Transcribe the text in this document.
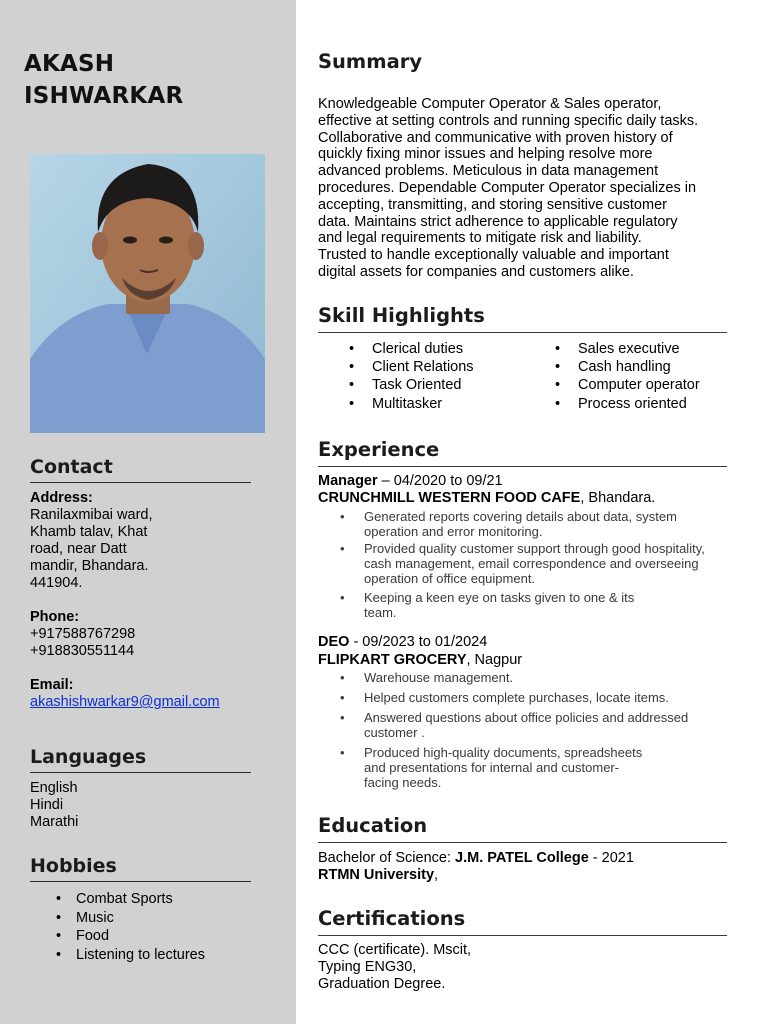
AKASH
ISHWARKAR
Contact
Address:
Ranilaxmibai ward,
Khamb talav, Khat
road, near Datt
mandir, Bhandara.
441904.
Phone:
+917588767298
+918830551144
Email:
akashishwarkar9@gmail.com
Languages
English
Hindi
Marathi
Hobbies
• Combat Sports
• Music
• Food
• Listening to lectures
Summary
Knowledgeable Computer Operator & Sales operator,
effective at setting controls and running specific daily tasks.
Collaborative and communicative with proven history of
quickly fixing minor issues and helping resolve more
advanced problems. Meticulous in data management
procedures. Dependable Computer Operator specializes in
accepting, transmitting, and storing sensitive customer
data. Maintains strict adherence to applicable regulatory
and legal requirements to mitigate risk and liability.
Trusted to handle exceptionally valuable and important
digital assets for companies and customers alike.
Skill Highlights
• Clerical duties
• Client Relations
• Task Oriented
• Multitasker
• Sales executive
• Cash handling
• Computer operator
• Process oriented
Experience
Manager – 04/2020 to 09/21
CRUNCHMILL WESTERN FOOD CAFE, Bhandara.
• Generated reports covering details about data, system
operation and error monitoring.
• Provided quality customer support through good hospitality,
cash management, email correspondence and overseeing
operation of office equipment.
• Keeping a keen eye on tasks given to one & its
team.
DEO - 09/2023 to 01/2024
FLIPKART GROCERY, Nagpur
• Warehouse management.
• Helped customers complete purchases, locate items.
• Answered questions about office policies and addressed
customer .
• Produced high-quality documents, spreadsheets
and presentations for internal and customer-
facing needs.
Education
Bachelor of Science: J.M. PATEL College - 2021
RTMN University,
Certifications
CCC (certificate). Mscit,
Typing ENG30,
Graduation Degree.
